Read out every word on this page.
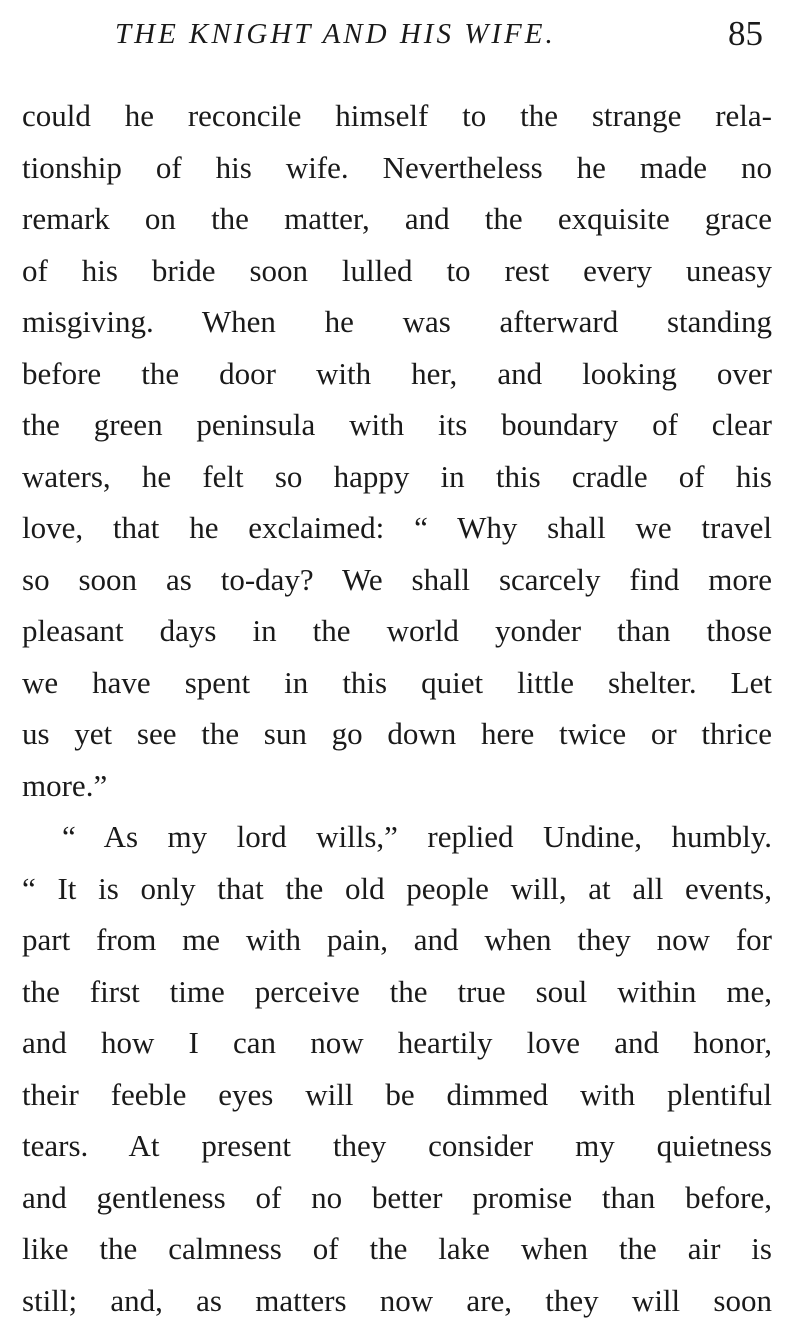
THE KNIGHT AND HIS WIFE.	85
could he reconcile himself to the strange rela-
tionship of his wife. Nevertheless he made no
remark on the matter, and the exquisite grace
of his bride soon lulled to rest every uneasy
misgiving. When he was afterward standing
before the door with her, and looking over
the green peninsula with its boundary of clear
waters, he felt so happy in this cradle of his
love, that he exclaimed: “ Why shall we travel
so soon as to-day? We shall scarcely find more
pleasant days in the world yonder than those
we have spent in this quiet little shelter. Let
us yet see the sun go down here twice or thrice
more.”
“ As my lord wills,” replied Undine, humbly.
“ It is only that the old people will, at all events,
part from me with pain, and when they now for
the first time perceive the true soul within me,
and how I can now heartily love and honor,
their feeble eyes will be dimmed with plentiful
tears. At present they consider my quietness
and gentleness of no better promise than before,
like the calmness of the lake when the air is
still; and, as matters now are, they will soon
